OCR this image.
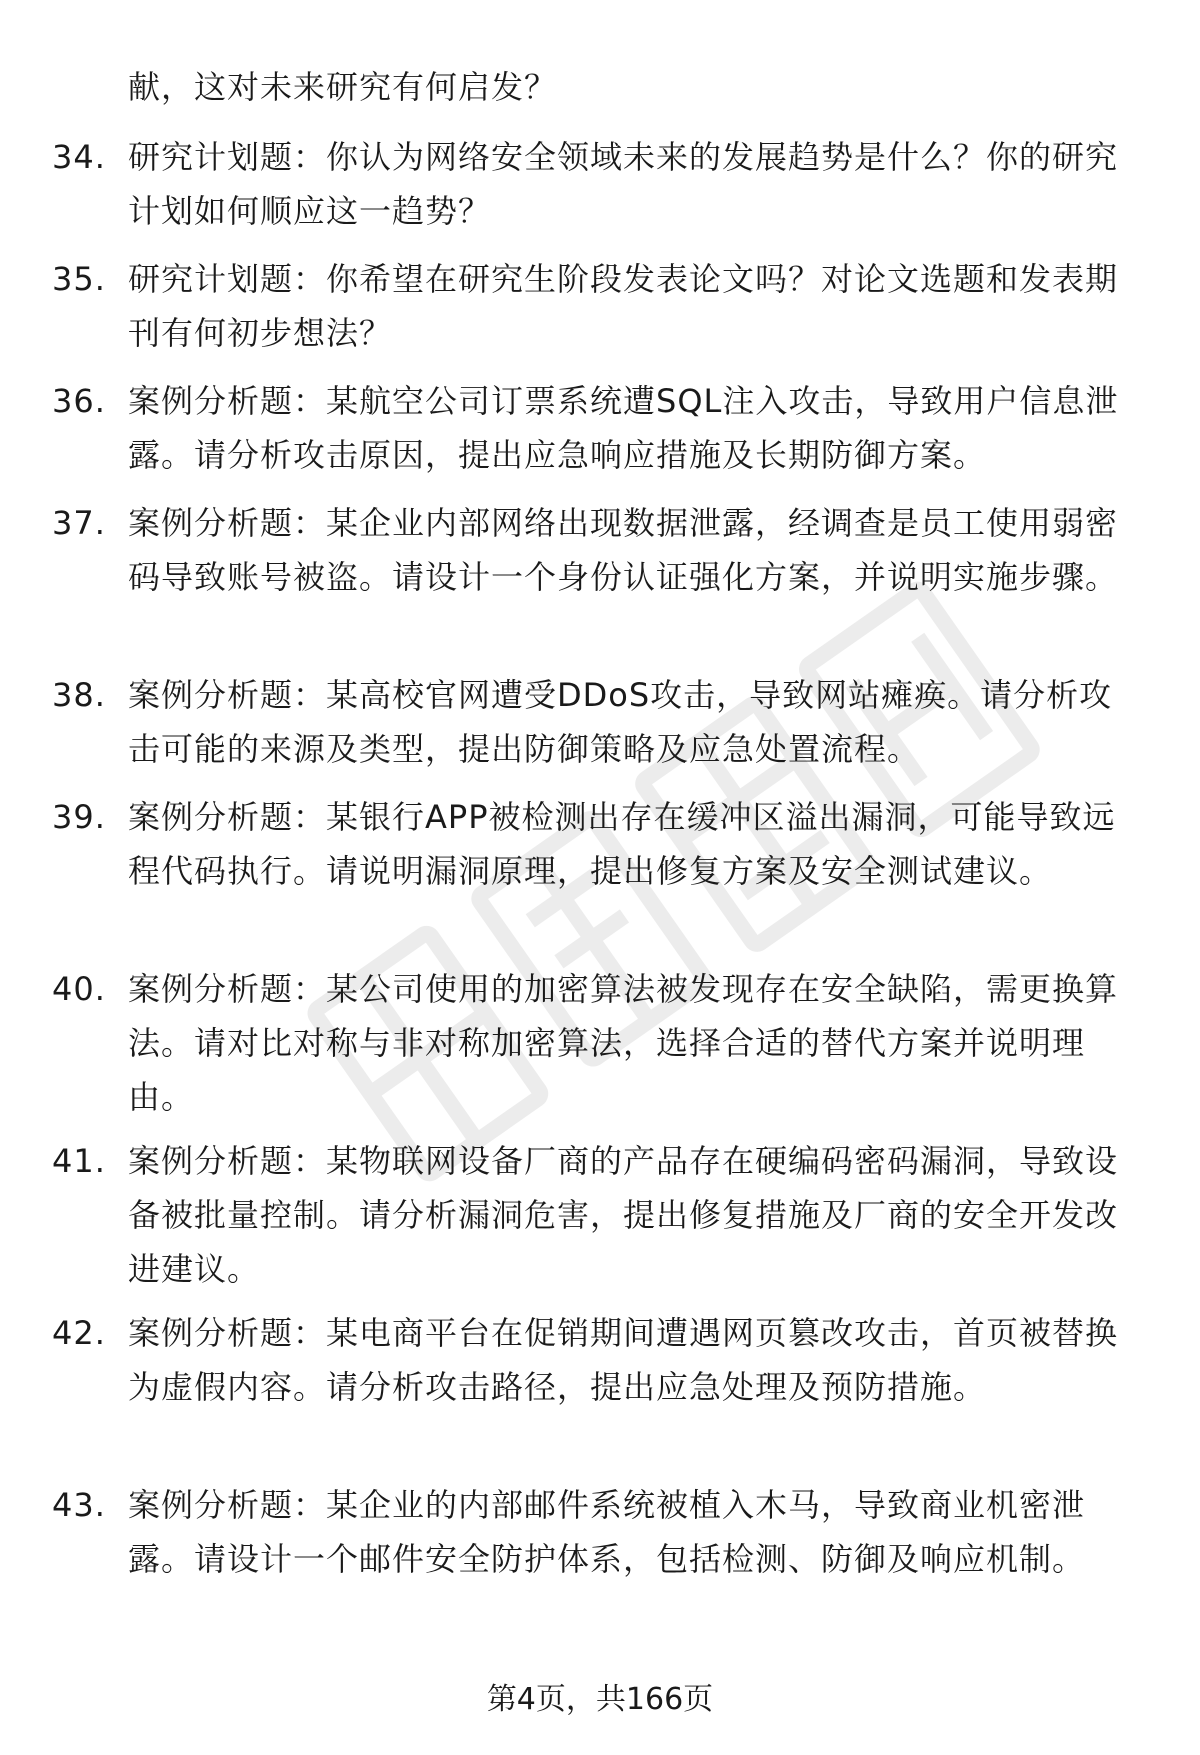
献，这对未来研究有何启发？
34. 研究计划题：你认为网络安全领域未来的发展趋势是什么？你的研究计划如何顺应这一趋势？
35. 研究计划题：你希望在研究生阶段发表论文吗？对论文选题和发表期刊有何初步想法？
36. 案例分析题：某航空公司订票系统遭SQL注入攻击，导致用户信息泄露。请分析攻击原因，提出应急响应措施及长期防御方案。
37. 案例分析题：某企业内部网络出现数据泄露，经调查是员工使用弱密码导致账号被盗。请设计一个身份认证强化方案，并说明实施步骤。
38. 案例分析题：某高校官网遭受DDoS攻击，导致网站瘫痪。请分析攻击可能的来源及类型，提出防御策略及应急处置流程。
39. 案例分析题：某银行APP被检测出存在缓冲区溢出漏洞，可能导致远程代码执行。请说明漏洞原理，提出修复方案及安全测试建议。
40. 案例分析题：某公司使用的加密算法被发现存在安全缺陷，需更换算法。请对比对称与非对称加密算法，选择合适的替代方案并说明理由。
41. 案例分析题：某物联网设备厂商的产品存在硬编码密码漏洞，导致设备被批量控制。请分析漏洞危害，提出修复措施及厂商的安全开发改进建议。
42. 案例分析题：某电商平台在促销期间遭遇网页篡改攻击，首页被替换为虚假内容。请分析攻击路径，提出应急处理及预防措施。
43. 案例分析题：某企业的内部邮件系统被植入木马，导致商业机密泄露。请设计一个邮件安全防护体系，包括检测、防御及响应机制。
第4页，共166页
